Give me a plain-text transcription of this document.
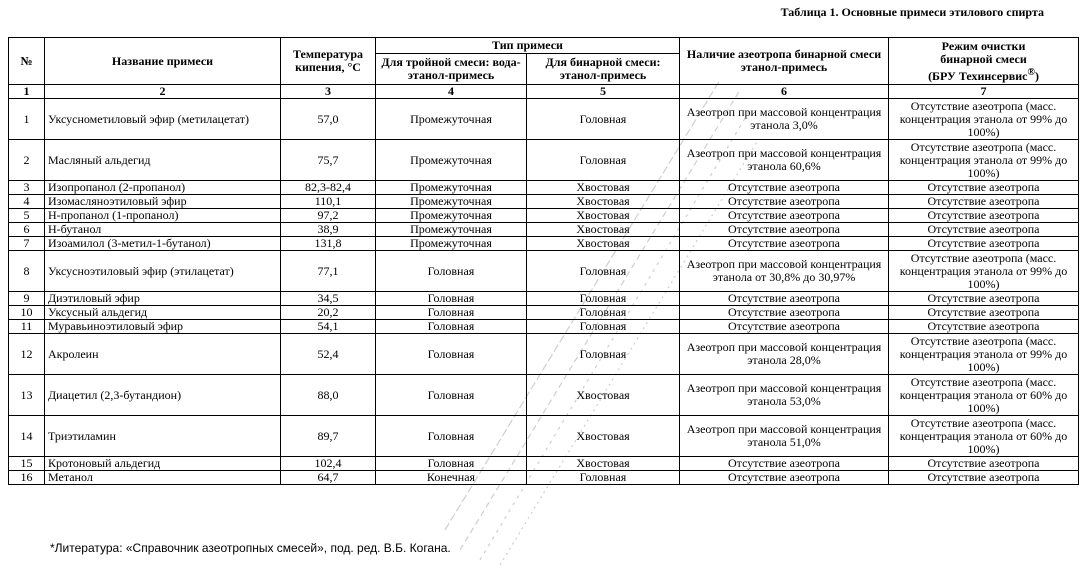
Таблица 1. Основные примеси этилового спирта
№	Название примеси	Температура кипения, °С	Тип примеси		Наличие азеотропа бинарной смеси этанол-примесь	Режим очистки
бинарной смеси
(БРУ Техинсервис®)
			Для тройной смеси: вода-этанол-примесь	Для бинарной смеси: этанол-примесь		
1	2	3	4	5	6	7
1	Уксуснометиловый эфир (метилацетат)	57,0	Промежуточная	Головная	Азеотроп при массовой концентрация этанола 3,0%	Отсутствие азеотропа (масс. концентрация этанола от 99% до 100%)
2	Масляный альдегид	75,7	Промежуточная	Головная	Азеотроп при массовой концентрация этанола 60,6%	Отсутствие азеотропа (масс. концентрация этанола от 99% до 100%)
3	Изопропанол (2-пропанол)	82,3-82,4	Промежуточная	Хвостовая	Отсутствие азеотропа	Отсутствие азеотропа
4	Изомасляноэтиловый эфир	110,1	Промежуточная	Хвостовая	Отсутствие азеотропа	Отсутствие азеотропа
5	Н-пропанол (1-пропанол)	97,2	Промежуточная	Хвостовая	Отсутствие азеотропа	Отсутствие азеотропа
6	Н-бутанол	38,9	Промежуточная	Хвостовая	Отсутствие азеотропа	Отсутствие азеотропа
7	Изоамилол (3-метил-1-бутанол)	131,8	Промежуточная	Хвостовая	Отсутствие азеотропа	Отсутствие азеотропа
8	Уксусноэтиловый эфир (этилацетат)	77,1	Головная	Головная	Азеотроп при массовой концентрация этанола от 30,8% до 30,97%	Отсутствие азеотропа (масс. концентрация этанола от 99% до 100%)
9	Диэтиловый эфир	34,5	Головная	Головная	Отсутствие азеотропа	Отсутствие азеотропа
10	Уксусный альдегид	20,2	Головная	Головная	Отсутствие азеотропа	Отсутствие азеотропа
11	Муравьиноэтиловый эфир	54,1	Головная	Головная	Отсутствие азеотропа	Отсутствие азеотропа
12	Акролеин	52,4	Головная	Головная	Азеотроп при массовой концентрация этанола 28,0%	Отсутствие азеотропа (масс. концентрация этанола от 99% до 100%)
13	Диацетил (2,3-бутандион)	88,0	Головная	Хвостовая	Азеотроп при массовой концентрация этанола 53,0%	Отсутствие азеотропа (масс. концентрация этанола от 60% до 100%)
14	Триэтиламин	89,7	Головная	Хвостовая	Азеотроп при массовой концентрация этанола 51,0%	Отсутствие азеотропа (масс. концентрация этанола от 60% до 100%)
15	Кротоновый альдегид	102,4	Головная	Хвостовая	Отсутствие азеотропа	Отсутствие азеотропа
16	Метанол	64,7	Конечная	Головная	Отсутствие азеотропа	Отсутствие азеотропа
*Литература: «Справочник азеотропных смесей», под. ред. В.Б. Когана.
